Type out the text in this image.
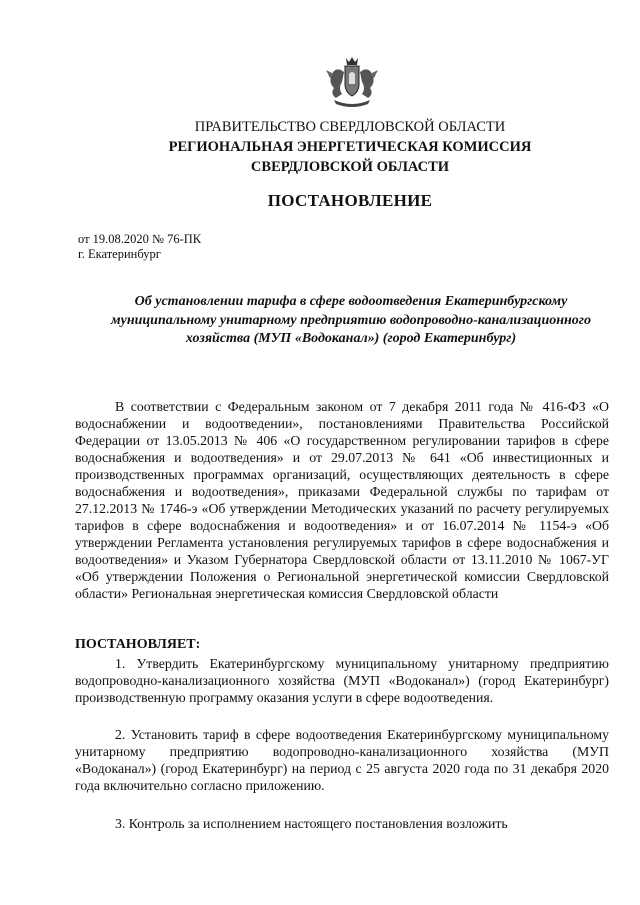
ПРАВИТЕЛЬСТВО СВЕРДЛОВСКОЙ ОБЛАСТИ
РЕГИОНАЛЬНАЯ ЭНЕРГЕТИЧЕСКАЯ КОМИССИЯ
СВЕРДЛОВСКОЙ ОБЛАСТИ
ПОСТАНОВЛЕНИЕ
от 19.08.2020 № 76-ПК
г. Екатеринбург
Об установлении тарифа в сфере водоотведения Екатеринбургскому муниципальному унитарному предприятию водопроводно-канализационного хозяйства (МУП «Водоканал») (город Екатеринбург)
В соответствии с Федеральным законом от 7 декабря 2011 года № 416-ФЗ «О водоснабжении и водоотведении», постановлениями Правительства Российской Федерации от 13.05.2013 № 406 «О государственном регулировании тарифов в сфере водоснабжения и водоотведения» и от 29.07.2013 № 641 «Об инвестиционных и производственных программах организаций, осуществляющих деятельность в сфере водоснабжения и водоотведения», приказами Федеральной службы по тарифам от 27.12.2013 № 1746-э «Об утверждении Методических указаний по расчету регулируемых тарифов в сфере водоснабжения и водоотведения» и от 16.07.2014 № 1154-э «Об утверждении Регламента установления регулируемых тарифов в сфере водоснабжения и водоотведения» и Указом Губернатора Свердловской области от 13.11.2010 № 1067-УГ «Об утверждении Положения о Региональной энергетической комиссии Свердловской области» Региональная энергетическая комиссия Свердловской области
ПОСТАНОВЛЯЕТ:
1. Утвердить Екатеринбургскому муниципальному унитарному предприятию водопроводно-канализационного хозяйства (МУП «Водоканал») (город Екатеринбург) производственную программу оказания услуги в сфере водоотведения.
2. Установить тариф в сфере водоотведения Екатеринбургскому муниципальному унитарному предприятию водопроводно-канализационного хозяйства (МУП «Водоканал») (город Екатеринбург) на период с 25 августа 2020 года по 31 декабря 2020 года включительно согласно приложению.
3. Контроль за исполнением настоящего постановления возложить
